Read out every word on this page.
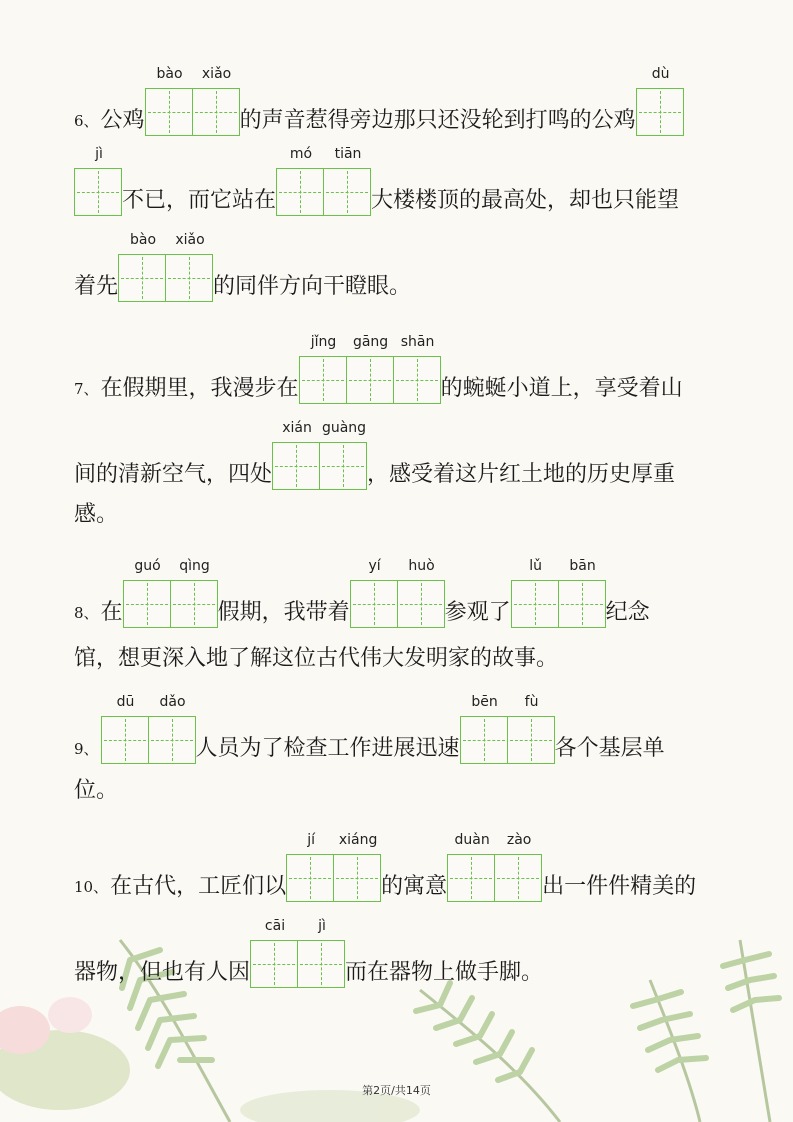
6、 公鸡
bào	xiǎo
的声音惹得旁边那只还没轮到打鸣的公鸡
dù
jì
不已，而它站在
mó	tiān
大楼楼顶的最高处，却也只能望
着先
bào	xiǎo
的同伴方向干瞪眼。
7、 在假期里，我漫步在
jǐng	gāng shān
的蜿蜒小道上，享受着山
间的清新空气，四处
xián guàng
，感受着这片红土地的历史厚重
感。
8、 在
guó	qìng
假期，我带着
yí	huò
参观了
lǔ	bān
纪念
馆，想更深入地了解这位古代伟大发明家的故事。
9、
dū	dǎo
人员为了检查工作进展迅速
bēn	fù
各个基层单
位。
10、 在古代，工匠们以
jí	xiáng
的寓意
duàn	zào
出一件件精美的
器物，但也有人因
cāi	jì
而在器物上做手脚。
第2页/共14页
